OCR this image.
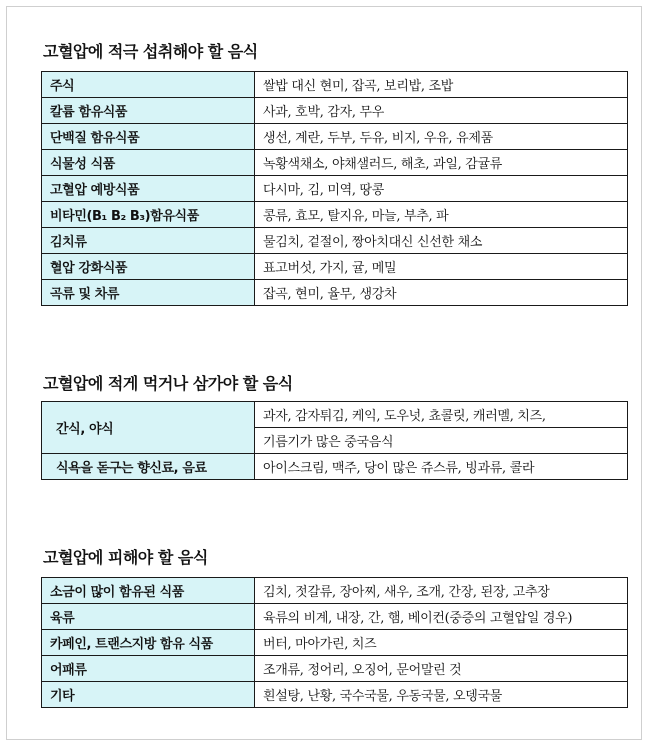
고혈압에 적극 섭취해야 할 음식
주식	쌀밥 대신 현미, 잡곡, 보리밥, 조밥
칼륨 함유식품	사과, 호박, 감자, 무우
단백질 함유식품	생선, 계란, 두부, 두유, 비지, 우유, 유제품
식물성 식품	녹황색채소, 야채샐러드, 해초, 과일, 감귤류
고혈압 예방식품	다시마, 김, 미역, 땅콩
비타민(B₁ B₂ B₃)함유식품	콩류, 효모, 탈지유, 마늘, 부추, 파
김치류	물김치, 겉절이, 짱아치대신 신선한 채소
혈압 강화식품	표고버섯, 가지, 귤, 메밀
곡류 및 차류	잡곡, 현미, 율무, 생강차
고혈압에 적게 먹거나 삼가야 할 음식
간식, 야식	과자, 감자튀김, 케익, 도우넛, 쵸콜릿, 캐러멜, 치즈,
	기름기가 많은 중국음식
식욕을 돋구는 향신료, 음료	아이스크림, 맥주, 당이 많은 쥬스류, 빙과류, 콜라
고혈압에 피해야 할 음식
소금이 많이 함유된 식품	김치, 젓갈류, 장아찌, 새우, 조개, 간장, 된장, 고추장
육류	육류의 비계, 내장, 간, 햄, 베이컨(중증의 고혈압일 경우)
카페인, 트랜스지방 함유 식품	버터, 마아가린, 치즈
어패류	조개류, 정어리, 오징어, 문어말린 것
기타	흰설탕, 난황, 국수국물, 우동국물, 오뎅국물
